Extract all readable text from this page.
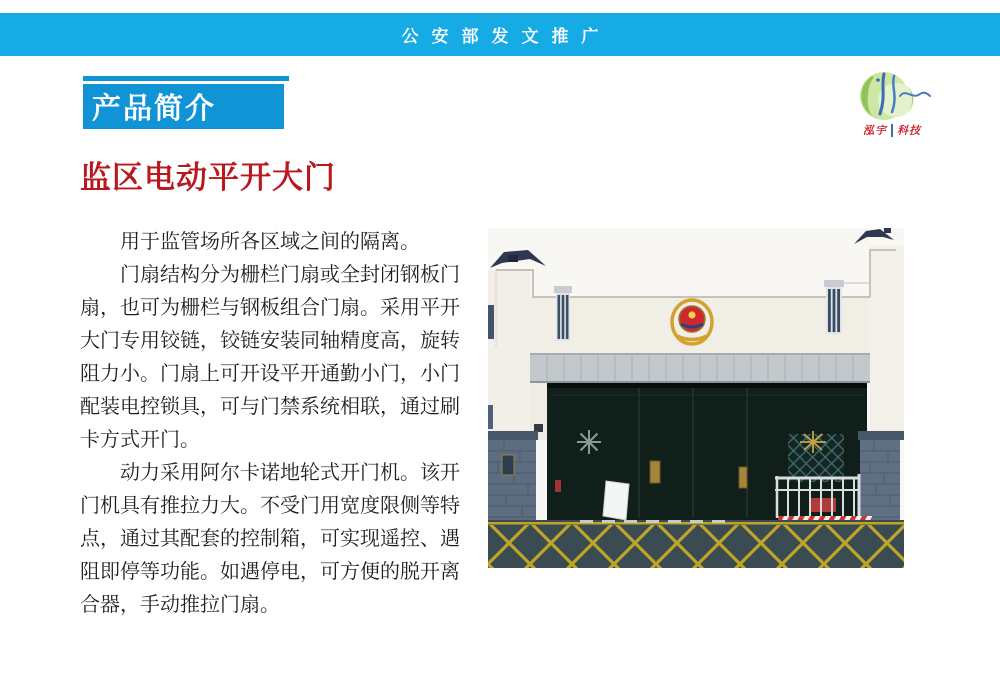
公安部发文推广
产品简介
泓宇 科技
监区电动平开大门
　　用于监管场所各区域之间的隔离。
　　门扇结构分为栅栏门扇或全封闭钢板门
扇，也可为栅栏与钢板组合门扇。采用平开
大门专用铰链，铰链安装同轴精度高，旋转
阻力小。门扇上可开设平开通勤小门，小门
配装电控锁具，可与门禁系统相联，通过刷
卡方式开门。
　　动力采用阿尔卡诺地轮式开门机。该开
门机具有推拉力大。不受门用宽度限侧等特
点，通过其配套的控制箱，可实现遥控、遇
阻即停等功能。如遇停电，可方便的脱开离
合器，手动推拉门扇。
